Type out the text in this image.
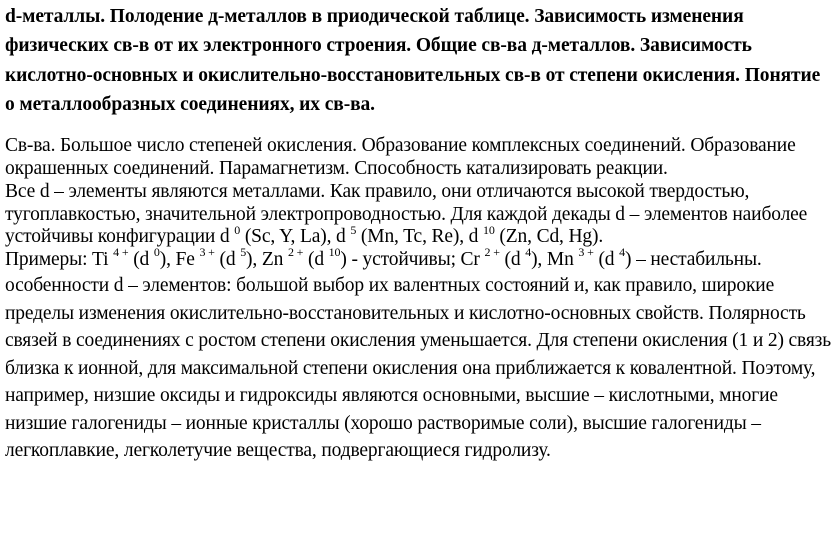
d-металлы. Полодение д-металлов в приодической таблице. Зависимость изменения физических св-в от их электронного строения. Общие св-ва д-металлов. Зависимость кислотно-основных и окислительно-восстановительных св-в от степени окисления. Понятие о металлообразных соединениях, их св-ва.
Св-ва. Большое число степеней окисления. Образование комплексных соединений. Образование окрашенных соединений. Парамагнетизм. Способность катализировать реакции.
Все d – элементы являются металлами. Как правило, они отличаются высокой твердостью, тугоплавкостью, значительной электропроводностью. Для каждой декады d – элементов наиболее устойчивы конфигурации d $^0$ (Sc, Y, La), d $^5$ (Mn, Tc, Re), d $^{10}$ (Zn, Cd, Hg).
Примеры: Ti $^{4 +}$ (d $^0$), Fe $^{3 +}$ (d $^5$), Zn $^{2 +}$ (d $^{10}$) - устойчивы; Cr $^{2 +}$ (d $^4$), Mn $^{3 +}$ (d $^4$) – нестабильны.
особенности d – элементов: большой выбор их валентных состояний и, как правило, широкие пределы изменения окислительно-восстановительных и кислотно-основных свойств. Полярность связей в соединениях с ростом степени окисления уменьшается. Для степени окисления (1 и 2) связь близка к ионной, для максимальной степени окисления она приближается к ковалентной. Поэтому, например, низшие оксиды и гидроксиды являются основными, высшие – кислотными, многие низшие галогениды – ионные кристаллы (хорошо растворимые соли), высшие галогениды – легкоплавкие, легколетучие вещества, подвергающиеся гидролизу.
